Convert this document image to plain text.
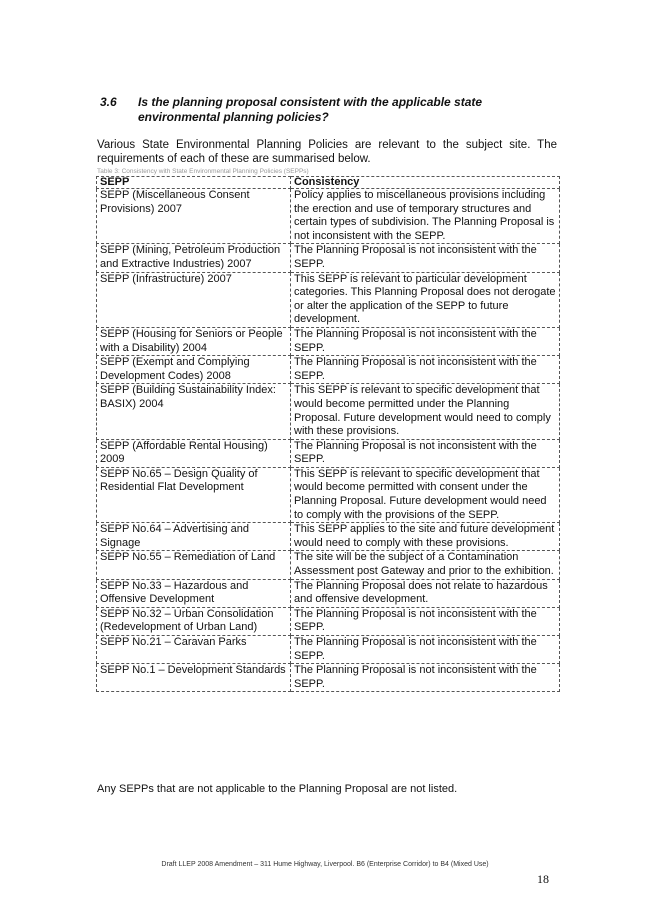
3.6 Is the planning proposal consistent with the applicable state environmental planning policies?
Various State Environmental Planning Policies are relevant to the subject site. The requirements of each of these are summarised below.
Table 3: Consistency with State Environmental Planning Policies (SEPPs)
SEPP	Consistency
SEPP (Miscellaneous Consent Provisions) 2007	Policy applies to miscellaneous provisions including the erection and use of temporary structures and certain types of subdivision. The Planning Proposal is not inconsistent with the SEPP.
SEPP (Mining, Petroleum Production and Extractive Industries) 2007	The Planning Proposal is not inconsistent with the SEPP.
SEPP (Infrastructure) 2007	This SEPP is relevant to particular development categories. This Planning Proposal does not derogate or alter the application of the SEPP to future development.
SEPP (Housing for Seniors or People with a Disability) 2004	The Planning Proposal is not inconsistent with the SEPP.
SEPP (Exempt and Complying Development Codes) 2008	The Planning Proposal is not inconsistent with the SEPP.
SEPP (Building Sustainability Index: BASIX) 2004	This SEPP is relevant to specific development that would become permitted under the Planning Proposal. Future development would need to comply with these provisions.
SEPP (Affordable Rental Housing) 2009	The Planning Proposal is not inconsistent with the SEPP.
SEPP No.65 – Design Quality of Residential Flat Development	This SEPP is relevant to specific development that would become permitted with consent under the Planning Proposal. Future development would need to comply with the provisions of the SEPP.
SEPP No.64 – Advertising and Signage	This SEPP applies to the site and future development would need to comply with these provisions.
SEPP No.55 – Remediation of Land	The site will be the subject of a Contamination Assessment post Gateway and prior to the exhibition.
SEPP No.33 – Hazardous and Offensive Development	The Planning Proposal does not relate to hazardous and offensive development.
SEPP No.32 – Urban Consolidation (Redevelopment of Urban Land)	The Planning Proposal is not inconsistent with the SEPP.
SEPP No.21 – Caravan Parks	The Planning Proposal is not inconsistent with the SEPP.
SEPP No.1 – Development Standards	The Planning Proposal is not inconsistent with the SEPP.
Any SEPPs that are not applicable to the Planning Proposal are not listed.
Draft LLEP 2008 Amendment – 311 Hume Highway, Liverpool. B6 (Enterprise Corridor) to B4 (Mixed Use)
18
